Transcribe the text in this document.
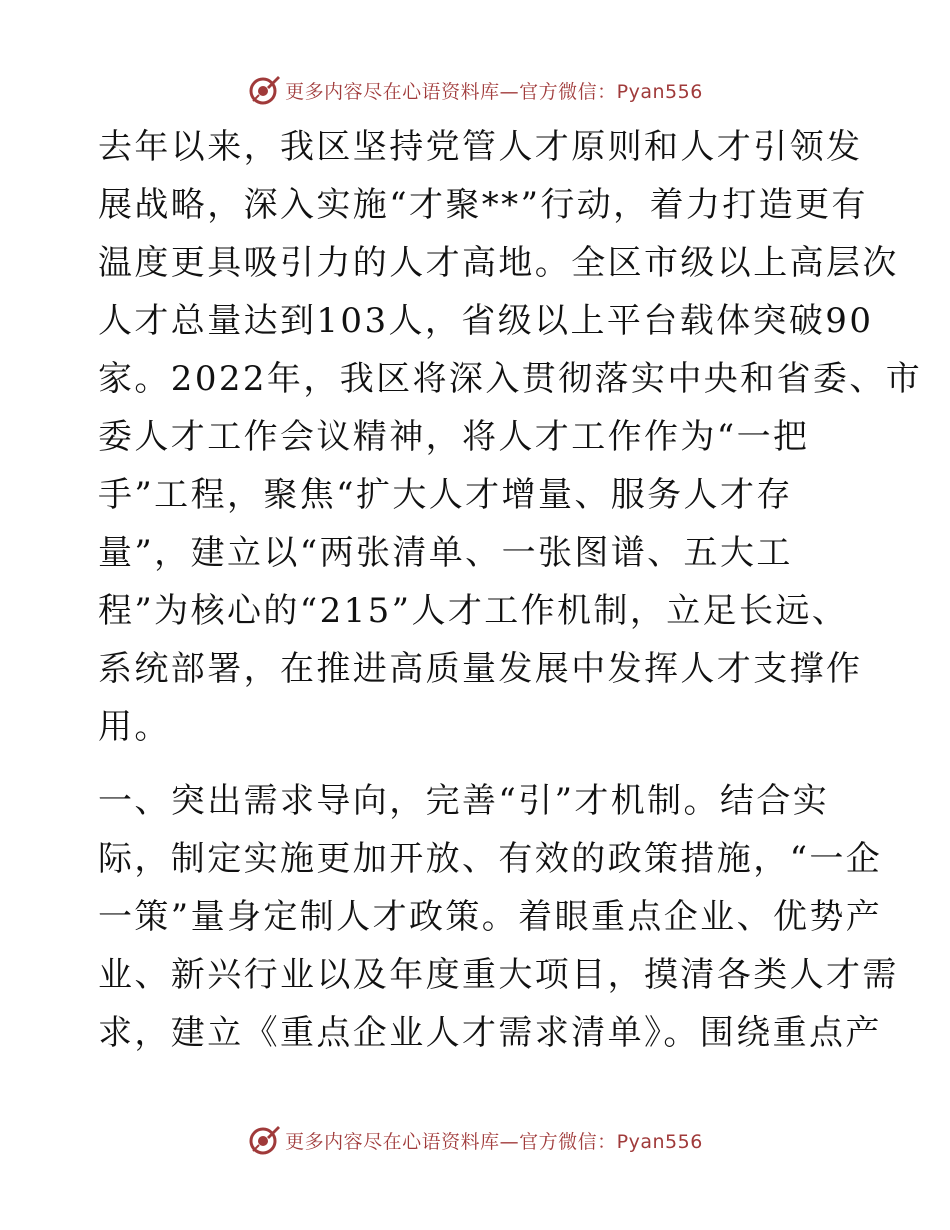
更多内容尽在心语资料库—官方微信：Pyan556
去年以来，我区坚持党管人才原则和人才引领发
展战略，深入实施“才聚**”行动，着力打造更有
温度更具吸引力的人才高地。全区市级以上高层次
人才总量达到103人，省级以上平台载体突破90
家。2022年，我区将深入贯彻落实中央和省委、市
委人才工作会议精神，将人才工作作为“一把
手”工程，聚焦“扩大人才增量、服务人才存
量”，建立以“两张清单、一张图谱、五大工
程”为核心的“215”人才工作机制，立足长远、
系统部署，在推进高质量发展中发挥人才支撑作
用。
一、突出需求导向，完善“引”才机制。结合实
际，制定实施更加开放、有效的政策措施，“一企
一策”量身定制人才政策。着眼重点企业、优势产
业、新兴行业以及年度重大项目，摸清各类人才需
求，建立《重点企业人才需求清单》。围绕重点产
更多内容尽在心语资料库—官方微信：Pyan556
